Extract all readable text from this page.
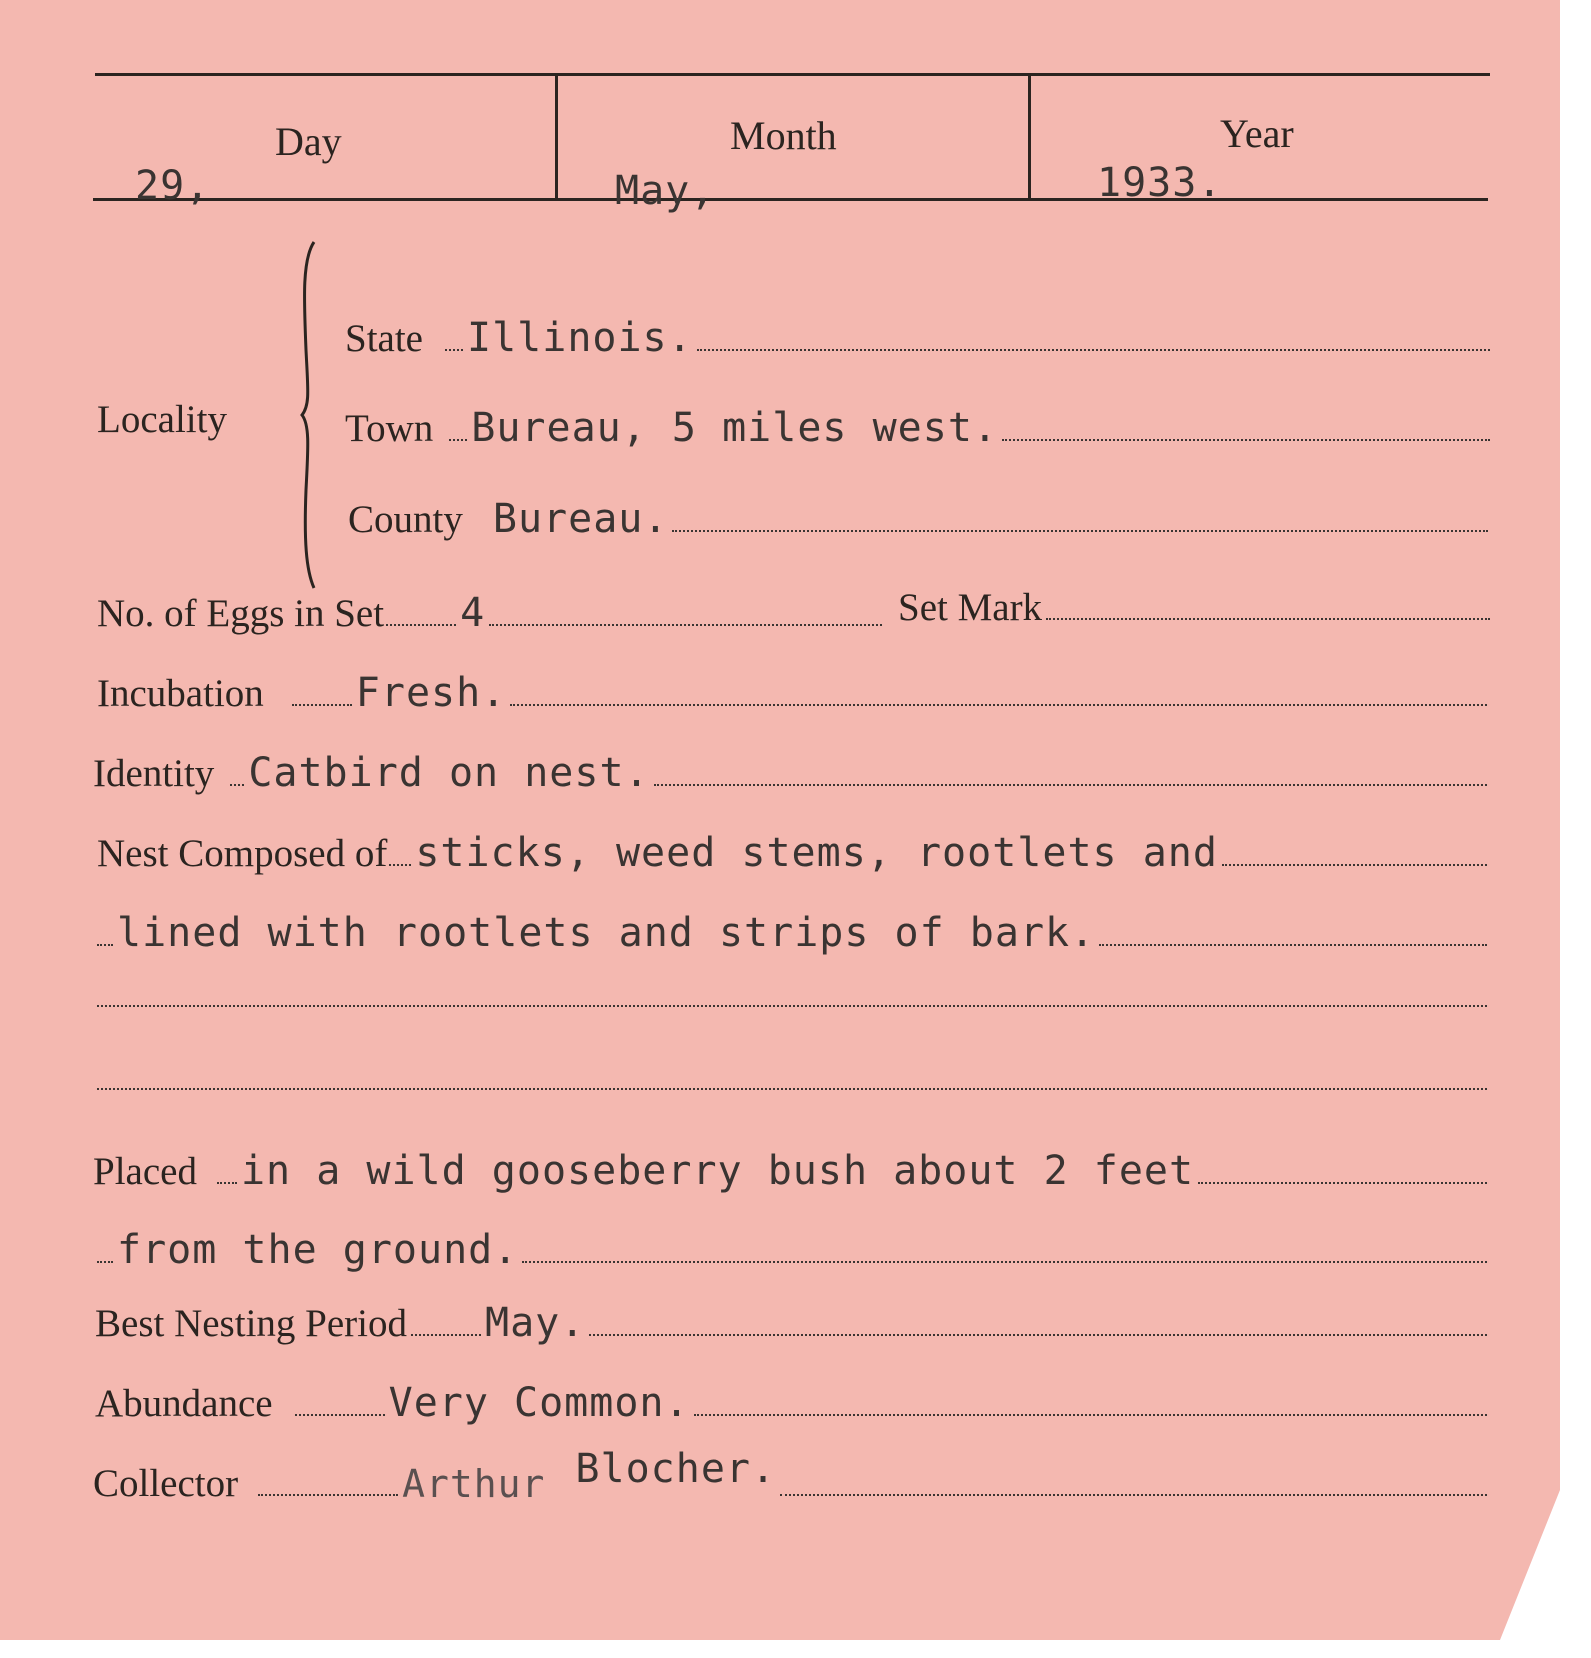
Day	Month	Year
29,	May,	1933.
Locality
State Illinois.
Town Bureau, 5 miles west.
County Bureau.
No. of Eggs in Set 4	Set Mark
Incubation Fresh.
Identity Catbird on nest.
Nest Composed of sticks, weed stems, rootlets and
lined with rootlets and strips of bark.
Placed in a wild gooseberry bush about 2 feet
from the ground.
Best Nesting Period May.
Abundance	Very Common.
Collector	Arthur Blocher.
